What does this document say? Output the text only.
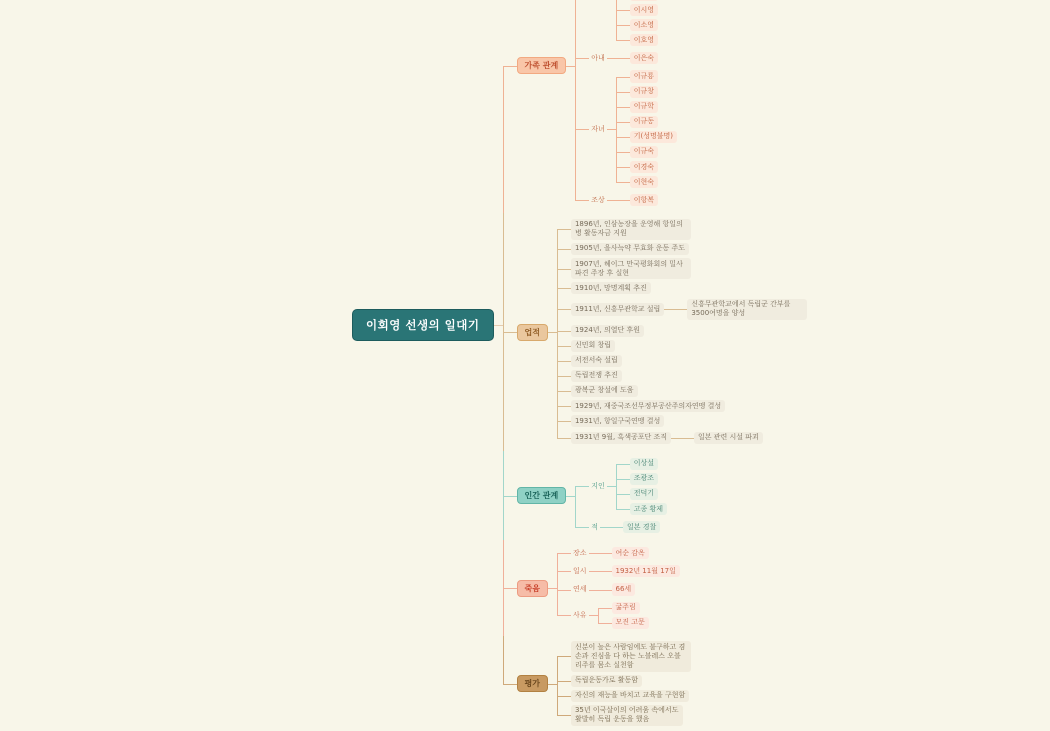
이회영 선생의 일대기
가족 관계
이시영
이소영
이호영
아내	이은숙
자녀
이규룡
이규창
이규학
이규동
기(성명불명)
이규숙
이경숙
이현숙
조상	이항복
업적
1896년, 인삼농장을 운영해 항일의병 활동자금 지원
1905년, 을사늑약 무효화 운동 주도
1907년, 헤이그 만국평화회의 밀사 파견 주장 후 실현
1910년, 망명계획 추진
1911년, 신흥무관학교 설립
신흥무관학교에서 독립군 간부를 3500여명을 양성
1924년, 의열단 후원
신민회 창립
서전서숙 설립
독립전쟁 추진
광복군 창설에 도움
1929년, 재중국조선무정부공산주의자연맹 결성
1931년, 항일구국연맹 결성
1931년 9월, 흑색공포단 조직	일본 관련 시설 파괴
인간 관계
지인
이상설
조광조
전덕기
고종 황제
적	일본 경찰
죽음
장소	여순 감옥
일시	1932년 11월 17일
연세	66세
사유
굶주림
모진 고문
평가
신분이 높은 사람임에도 불구하고 겸손과 진심을 다 하는 노블레스 오블리주를 몸소 실천함
독립운동가로 활동함
자신의 재능을 바치고 교육을 구현함
35년 이국살이의 어려움 속에서도 활발히 독립 운동을 했음
